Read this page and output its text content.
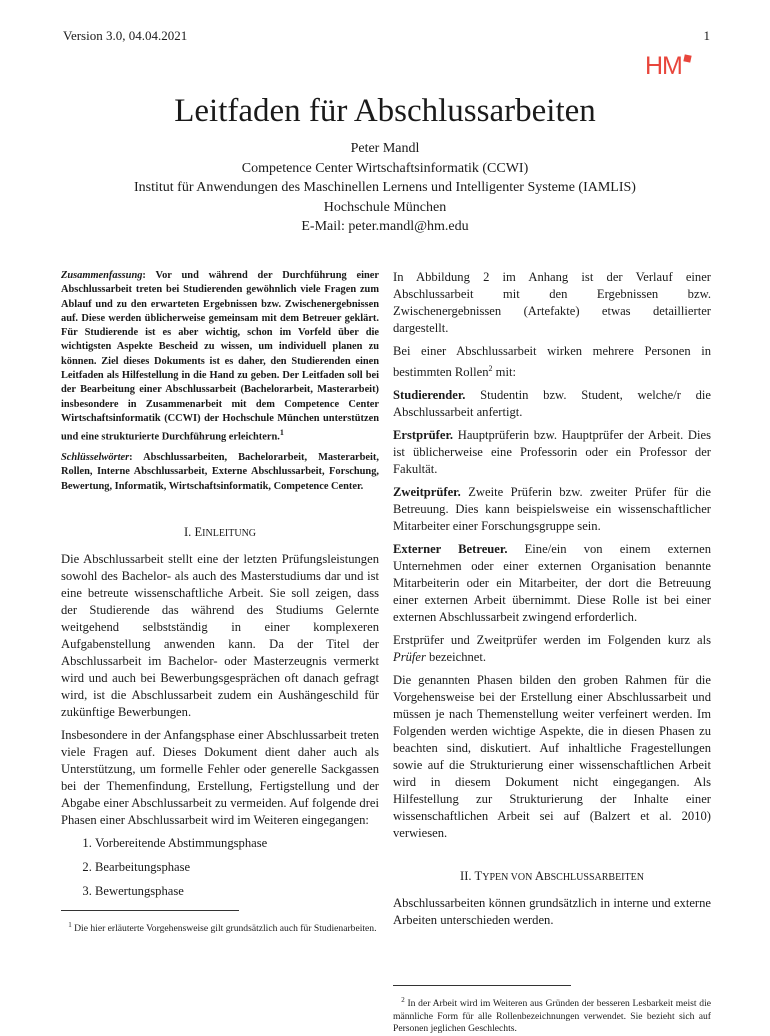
Version 3.0, 04.04.2021	1
HM
Leitfaden für Abschlussarbeiten
Peter Mandl
Competence Center Wirtschaftsinformatik (CCWI)
Institut für Anwendungen des Maschinellen Lernens und Intelligenter Systeme (IAMLIS)
Hochschule München
E-Mail: peter.mandl@hm.edu

Zusammenfassung: Vor und während der Durchführung einer Abschlussarbeit treten bei Studierenden gewöhnlich viele Fragen zum Ablauf und zu den erwarteten Ergebnissen bzw. Zwischenergebnissen auf. Diese werden üblicherweise gemeinsam mit dem Betreuer geklärt. Für Studierende ist es aber wichtig, schon im Vorfeld über die wichtigsten Aspekte Bescheid zu wissen, um individuell planen zu können. Ziel dieses Dokuments ist es daher, den Studierenden einen Leitfaden als Hilfestellung in die Hand zu geben. Der Leitfaden soll bei der Bearbeitung einer Abschlussarbeit (Bachelorarbeit, Masterarbeit) insbesondere in Zusammenarbeit mit dem Competence Center Wirtschaftsinformatik (CCWI) der Hochschule München unterstützen und eine strukturierte Durchführung erleichtern.$^1$

Schlüsselwörter: Abschlussarbeiten, Bachelorarbeit, Masterarbeit, Rollen, Interne Abschlussarbeit, Externe Abschlussarbeit, Forschung, Bewertung, Informatik, Wirtschaftsinformatik, Competence Center.

I. EINLEITUNG

Die Abschlussarbeit stellt eine der letzten Prüfungsleistungen sowohl des Bachelor- als auch des Masterstudiums dar und ist eine betreute wissenschaftliche Arbeit. Sie soll zeigen, dass der Studierende das während des Studiums Gelernte weitgehend selbstständig in einer komplexeren Aufgabenstellung anwenden kann. Da der Titel der Abschlussarbeit im Bachelor- oder Masterzeugnis vermerkt wird und auch bei Bewerbungsgesprächen oft danach gefragt wird, ist die Abschlussarbeit zudem ein Aushängeschild für zukünftige Bewerbungen.

Insbesondere in der Anfangsphase einer Abschlussarbeit treten viele Fragen auf. Dieses Dokument dient daher auch als Unterstützung, um formelle Fehler oder generelle Sackgassen bei der Themenfindung, Erstellung, Fertigstellung und der Abgabe einer Abschlussarbeit zu vermeiden. Auf folgende drei Phasen einer Abschlussarbeit wird im Weiteren eingegangen:

1. Vorbereitende Abstimmungsphase
2. Bearbeitungsphase
3. Bewertungsphase
$^1$ Die hier erläuterte Vorgehensweise gilt grundsätzlich auch für Studienarbeiten.

In Abbildung 2 im Anhang ist der Verlauf einer Abschlussarbeit mit den Ergebnissen bzw. Zwischenergebnissen (Artefakte) etwas detaillierter dargestellt.

Bei einer Abschlussarbeit wirken mehrere Personen in bestimmten Rollen$^2$ mit:

Studierender. Studentin bzw. Student, welche/r die Abschlussarbeit anfertigt.

Erstprüfer. Hauptprüferin bzw. Hauptprüfer der Arbeit. Dies ist üblicherweise eine Professorin oder ein Professor der Fakultät.

Zweitprüfer. Zweite Prüferin bzw. zweiter Prüfer für die Betreuung. Dies kann beispielsweise ein wissenschaftlicher Mitarbeiter einer Forschungsgruppe sein.

Externer Betreuer. Eine/ein von einem externen Unternehmen oder einer externen Organisation benannte Mitarbeiterin oder ein Mitarbeiter, der dort die Betreuung einer externen Arbeit übernimmt. Diese Rolle ist bei einer externen Abschlussarbeit zwingend erforderlich.

Erstprüfer und Zweitprüfer werden im Folgenden kurz als Prüfer bezeichnet.

Die genannten Phasen bilden den groben Rahmen für die Vorgehensweise bei der Erstellung einer Abschlussarbeit und müssen je nach Themenstellung weiter verfeinert werden. Im Folgenden werden wichtige Aspekte, die in diesen Phasen zu beachten sind, diskutiert. Auf inhaltliche Fragestellungen sowie auf die Strukturierung einer wissenschaftlichen Arbeit wird in diesem Dokument nicht eingegangen. Als Hilfestellung zur Strukturierung der Inhalte einer wissenschaftlichen Arbeit sei auf (Balzert et al. 2010) verwiesen.

II. TYPEN VON ABSCHLUSSARBEITEN

Abschlussarbeiten können grundsätzlich in interne und externe Arbeiten unterschieden werden.

$^2$ In der Arbeit wird im Weiteren aus Gründen der besseren Lesbarkeit meist die männliche Form für alle Rollenbezeichnungen verwendet. Sie bezieht sich auf Personen jeglichen Geschlechts.
